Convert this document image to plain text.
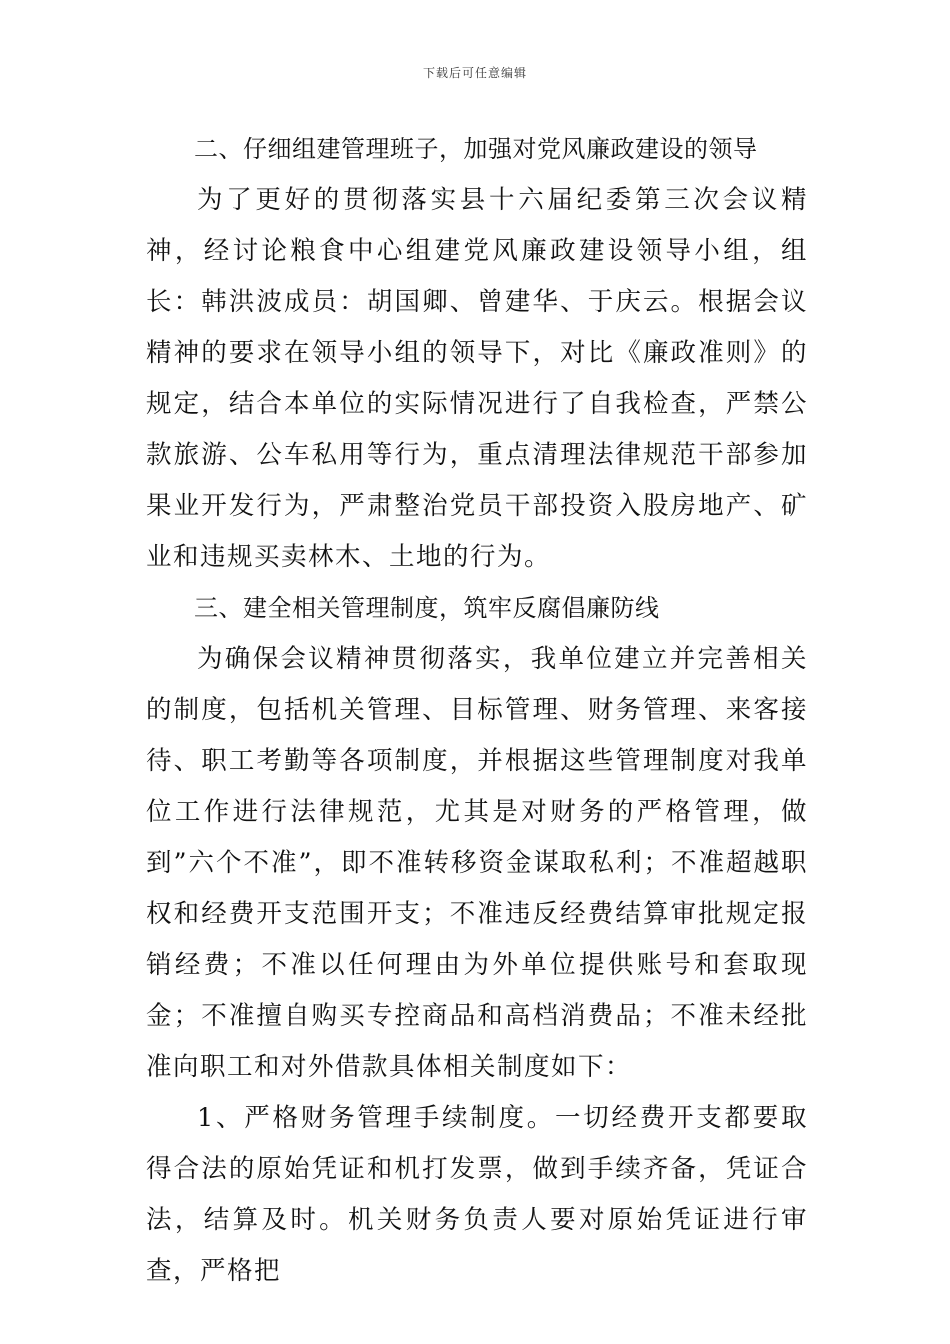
下载后可任意编辑

二、仔细组建管理班子，加强对党风廉政建设的领导

为了更好的贯彻落实县十六届纪委第三次会议精神，经讨论粮食中心组建党风廉政建设领导小组，组长：韩洪波成员：胡国卿、曾建华、于庆云。根据会议精神的要求在领导小组的领导下，对比《廉政准则》的规定，结合本单位的实际情况进行了自我检查，严禁公款旅游、公车私用等行为，重点清理法律规范干部参加果业开发行为，严肃整治党员干部投资入股房地产、矿业和违规买卖林木、土地的行为。

三、建全相关管理制度，筑牢反腐倡廉防线

为确保会议精神贯彻落实，我单位建立并完善相关的制度，包括机关管理、目标管理、财务管理、来客接待、职工考勤等各项制度，并根据这些管理制度对我单位工作进行法律规范，尤其是对财务的严格管理，做到”六个不准”，即不准转移资金谋取私利；不准超越职权和经费开支范围开支；不准违反经费结算审批规定报销经费；不准以任何理由为外单位提供账号和套取现金；不准擅自购买专控商品和高档消费品；不准未经批准向职工和对外借款具体相关制度如下：

1、严格财务管理手续制度。一切经费开支都要取得合法的原始凭证和机打发票，做到手续齐备，凭证合法，结算及时。机关财务负责人要对原始凭证进行审查，严格把
